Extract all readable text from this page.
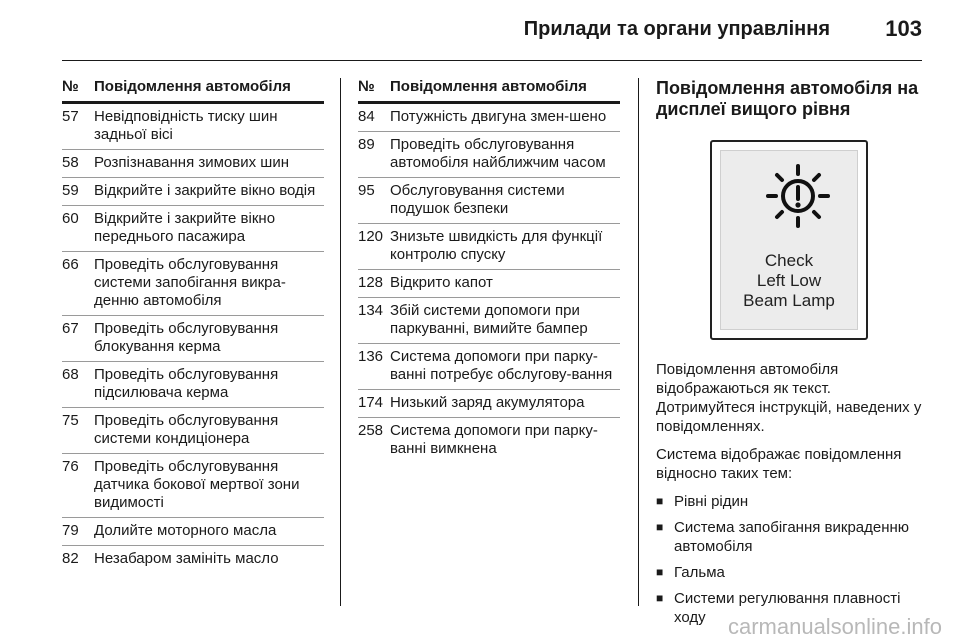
Прилади та органи управління	103
№	Повідомлення автомобіля
57	Невідповідність тиску шин задньої вісі
58	Розпізнавання зимових шин
59	Відкрийте і закрийте вікно водія
60	Відкрийте і закрийте вікно переднього пасажира
66	Проведіть обслуговування системи запобігання викра-денню автомобіля
67	Проведіть обслуговування блокування керма
68	Проведіть обслуговування підсилювача керма
75	Проведіть обслуговування системи кондиціонера
76	Проведіть обслуговування датчика бокової мертвої зони видимості
79	Долийте моторного масла
82	Незабаром замініть масло
№	Повідомлення автомобіля
84	Потужність двигуна змен-шено
89	Проведіть обслуговування автомобіля найближчим часом
95	Обслуговування системи подушок безпеки
120 Знизьте швидкість для функції контролю спуску
128 Відкрито капот
134 Збій системи допомоги при паркуванні, вимийте бампер
136 Система допомоги при парку-ванні потребує обслугову-вання
174 Низький заряд акумулятора
258 Система допомоги при парку-ванні вимкнена
Повідомлення автомобіля на дисплеї вищого рівня
Check
Left Low
Beam Lamp
Повідомлення автомобіля відображаються як текст. Дотримуйтеся інструкцій, наведених у повідомленнях.
Система відображає повідомлення відносно таких тем:
■ Рівні рідин
■ Система запобігання викраденню автомобіля
■ Гальма
■ Системи регулювання плавності ходу	carmanualsonline.info
